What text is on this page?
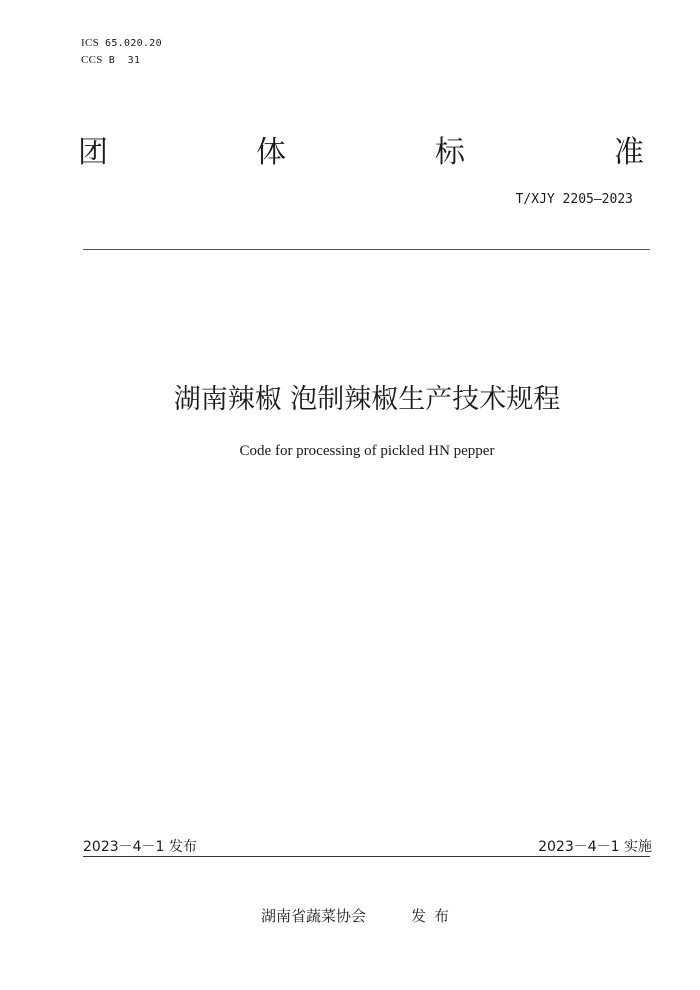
ICS 65.020.20
CCS B  31
团	体	标	准
T/XJY 2205—2023
湖南辣椒 泡制辣椒生产技术规程
Code for processing of pickled HN pepper
2023－4－1 发布	2023－4－1 实施
湖南省蔬菜协会	发布
